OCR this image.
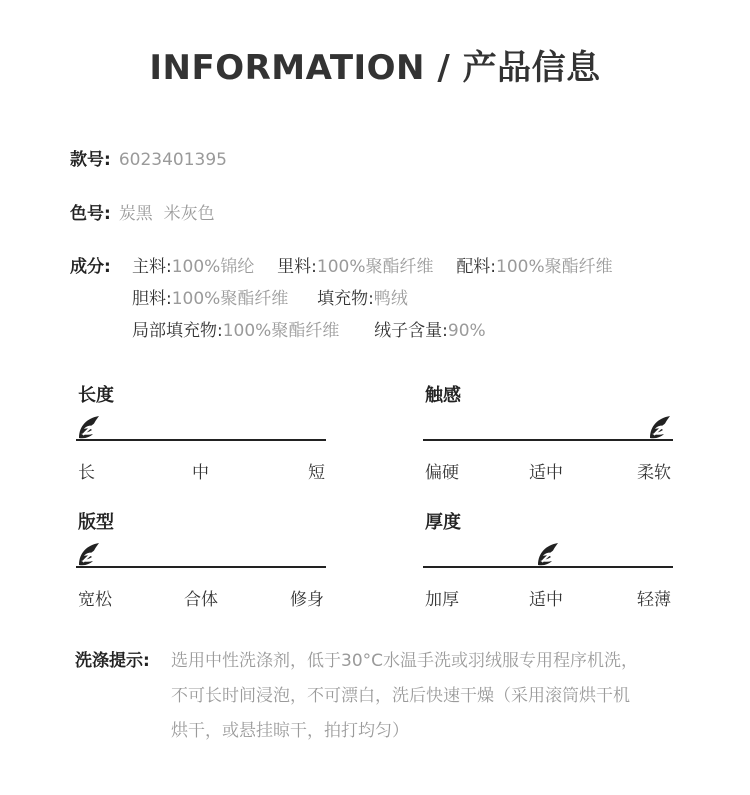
INFORMATION / 产品信息
款号: 6023401395
色号: 炭黑  米灰色
成分: 主料:100%锦纶 里料:100%聚酯纤维 配料:100%聚酯纤维
胆料:100%聚酯纤维 填充物:鸭绒
局部填充物:100%聚酯纤维 绒子含量:90%
长度
长	中	短
触感
偏硬	适中	柔软
版型
宽松	合体	修身
厚度
加厚	适中	轻薄
洗涤提示: 选用中性洗涤剂，低于30°C水温手洗或羽绒服专用程序机洗，
不可长时间浸泡，不可漂白，洗后快速干燥（采用滚筒烘干机
烘干，或悬挂晾干，拍打均匀）
